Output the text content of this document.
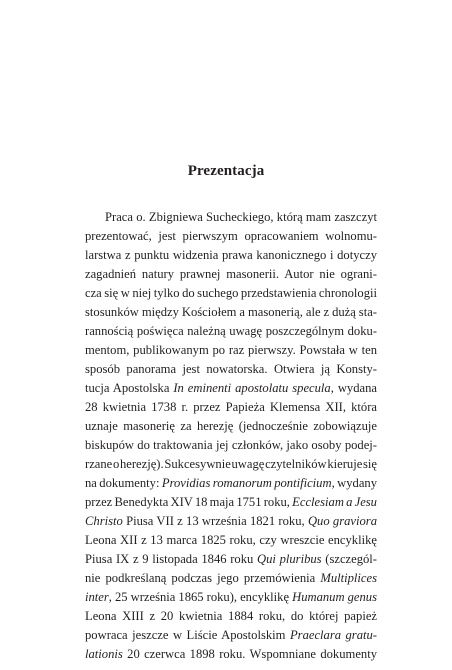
Prezentacja
Praca o. Zbigniewa Sucheckiego, którą mam zaszczyt
prezentować, jest pierwszym opracowaniem wolnomu-
larstwa z punktu widzenia prawa kanonicznego i dotyczy
zagadnień natury prawnej masonerii. Autor nie ograni-
cza się w niej tylko do suchego przedstawienia chronologii
stosunków między Kościołem a masonerią, ale z dużą sta-
rannością poświęca należną uwagę poszczególnym doku-
mentom, publikowanym po raz pierwszy. Powstała w ten
sposób panorama jest nowatorska. Otwiera ją Konsty-
tucja Apostolska In eminenti apostolatu specula, wydana
28 kwietnia 1738 r. przez Papieża Klemensa XII, która
uznaje masonerię za herezję (jednocześnie zobowiązuje
biskupów do traktowania jej członków, jako osoby podej-
rzane o herezję). Sukcesywnie uwagę czytelników kieruje się
na dokumenty: Providias romanorum pontificium, wydany
przez Benedykta XIV 18 maja 1751 roku, Ecclesiam a Jesu
Christo Piusa VII z 13 września 1821 roku, Quo graviora
Leona XII z 13 marca 1825 roku, czy wreszcie encyklikę
Piusa IX z 9 listopada 1846 roku Qui pluribus (szczegól-
nie podkreślaną podczas jego przemówienia Multiplices
inter, 25 września 1865 roku), encyklikę Humanum genus
Leona XIII z 20 kwietnia 1884 roku, do której papież
powraca jeszcze w Liście Apostolskim Praeclara gratu-
lationis 20 czerwca 1898 roku. Wspomniane dokumenty
